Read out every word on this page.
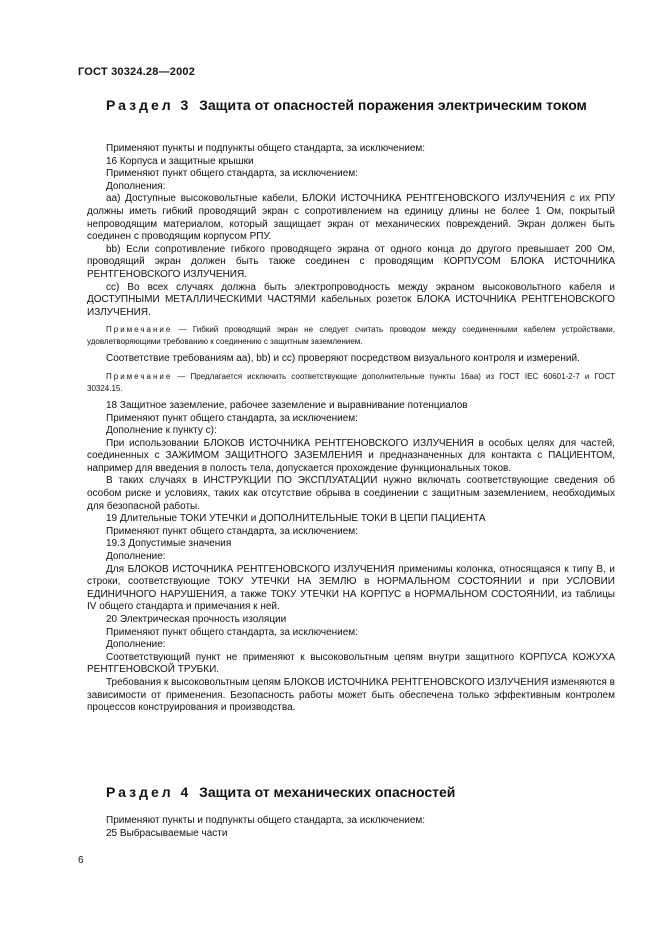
ГОСТ 30324.28—2002
Раздел 3 Защита от опасностей поражения электрическим током

Применяют пункты и подпункты общего стандарта, за исключением:

16 Корпуса и защитные крышки

Применяют пункт общего стандарта, за исключением:

Дополнения:

aa) Доступные высоковольтные кабели, БЛОКИ ИСТОЧНИКА РЕНТГЕНОВСКОГО ИЗЛУЧЕНИЯ с их РПУ должны иметь гибкий проводящий экран с сопротивлением на единицу длины не более 1 Ом, покрытый непроводящим материалом, который защищает экран от механических повреждений. Экран должен быть соединен с проводящим корпусом РПУ.

bb) Если сопротивление гибкого проводящего экрана от одного конца до другого превышает 200 Ом, проводящий экран должен быть также соединен с проводящим КОРПУСОМ БЛОКА ИСТОЧНИКА РЕНТГЕНОВСКОГО ИЗЛУЧЕНИЯ.

cc) Во всех случаях должна быть электропроводность между экраном высоковольтного кабеля и ДОСТУПНЫМИ МЕТАЛЛИЧЕСКИМИ ЧАСТЯМИ кабельных розеток БЛОКА ИСТОЧНИКА РЕНТГЕНОВСКОГО ИЗЛУЧЕНИЯ.

Примечание — Гибкий проводящий экран не следует считать проводом между соединенными кабелем устройствами, удовлетворяющими требованию к соединению с защитным заземлением.

Соответствие требованиям aa), bb) и cc) проверяют посредством визуального контроля и измерений.

Примечание — Предлагается исключить соответствующие дополнительные пункты 16aa) из ГОСТ IEC 60601-2-7 и ГОСТ 30324.15.

18 Защитное заземление, рабочее заземление и выравнивание потенциалов

Применяют пункт общего стандарта, за исключением:

Дополнение к пункту c):

При использовании БЛОКОВ ИСТОЧНИКА РЕНТГЕНОВСКОГО ИЗЛУЧЕНИЯ в особых целях для частей, соединенных с ЗАЖИМОМ ЗАЩИТНОГО ЗАЗЕМЛЕНИЯ и предназначенных для контакта с ПАЦИЕНТОМ, например для введения в полость тела, допускается прохождение функциональных токов.

В таких случаях в ИНСТРУКЦИИ ПО ЭКСПЛУАТАЦИИ нужно включать соответствующие сведения об особом риске и условиях, таких как отсутствие обрыва в соединении с защитным заземлением, необходимых для безопасной работы.

19 Длительные ТОКИ УТЕЧКИ и ДОПОЛНИТЕЛЬНЫЕ ТОКИ В ЦЕПИ ПАЦИЕНТА

Применяют пункт общего стандарта, за исключением:

19.3 Допустимые значения

Дополнение:

Для БЛОКОВ ИСТОЧНИКА РЕНТГЕНОВСКОГО ИЗЛУЧЕНИЯ применимы колонка, относящаяся к типу B, и строки, соответствующие ТОКУ УТЕЧКИ НА ЗЕМЛЮ в НОРМАЛЬНОМ СОСТОЯНИИ и при УСЛОВИИ ЕДИНИЧНОГО НАРУШЕНИЯ, а также ТОКУ УТЕЧКИ НА КОРПУС в НОРМАЛЬНОМ СОСТОЯНИИ, из таблицы IV общего стандарта и примечания к ней.

20 Электрическая прочность изоляции

Применяют пункт общего стандарта, за исключением:

Дополнение:

Соответствующий пункт не применяют к высоковольтным цепям внутри защитного КОРПУСА КОЖУХА РЕНТГЕНОВСКОЙ ТРУБКИ.

Требования к высоковольтным цепям БЛОКОВ ИСТОЧНИКА РЕНТГЕНОВСКОГО ИЗЛУЧЕНИЯ изменяются в зависимости от применения. Безопасность работы может быть обеспечена только эффективным контролем процессов конструирования и производства.

Раздел 4 Защита от механических опасностей

Применяют пункты и подпункты общего стандарта, за исключением:

25 Выбрасываемые части

6
